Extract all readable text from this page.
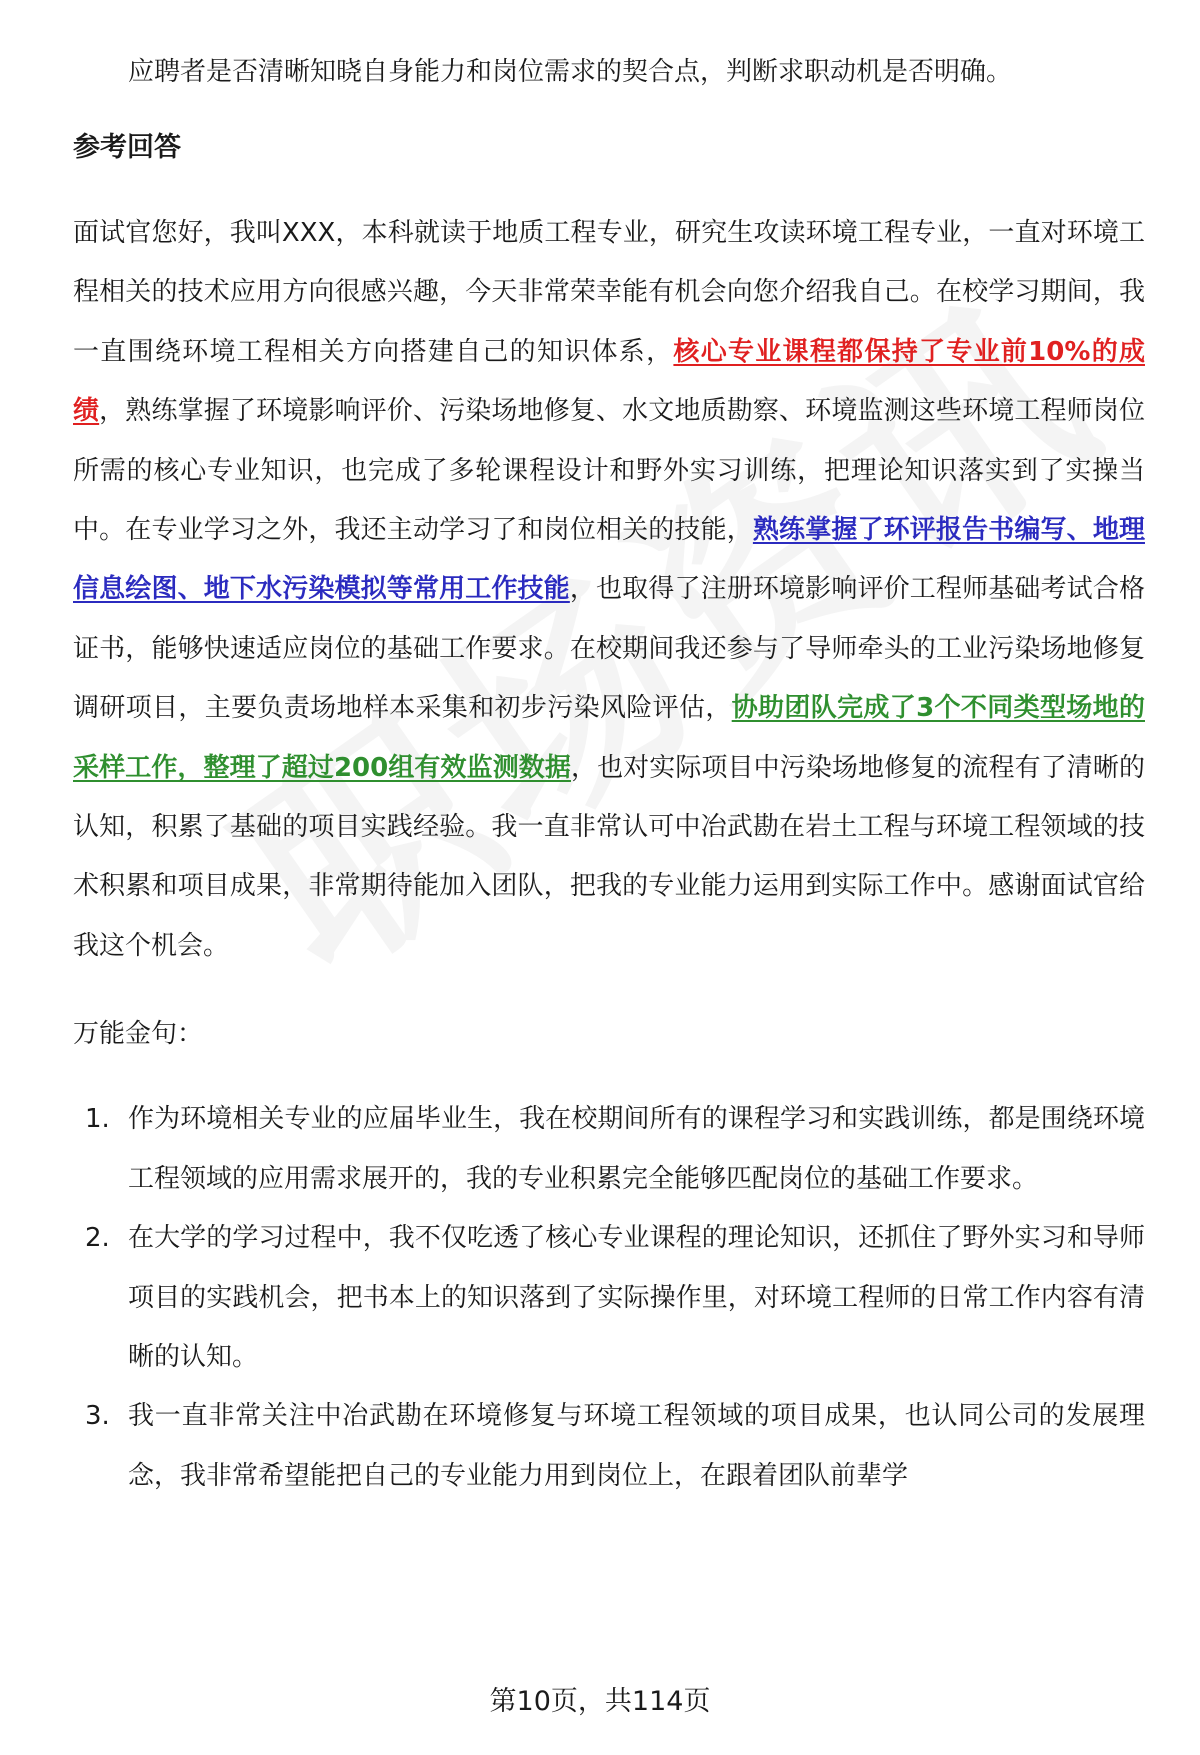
应聘者是否清晰知晓自身能力和岗位需求的契合点，判断求职动机是否明确。

参考回答

面试官您好，我叫XXX，本科就读于地质工程专业，研究生攻读环境工程专业，一直对环境工程相关的技术应用方向很感兴趣，今天非常荣幸能有机会向您介绍我自己。在校学习期间，我一直围绕环境工程相关方向搭建自己的知识体系，核心专业课程都保持了专业前10%的成绩，熟练掌握了环境影响评价、污染场地修复、水文地质勘察、环境监测这些环境工程师岗位所需的核心专业知识，也完成了多轮课程设计和野外实习训练，把理论知识落实到了实操当中。在专业学习之外，我还主动学习了和岗位相关的技能，熟练掌握了环评报告书编写、地理信息绘图、地下水污染模拟等常用工作技能，也取得了注册环境影响评价工程师基础考试合格证书，能够快速适应岗位的基础工作要求。在校期间我还参与了导师牵头的工业污染场地修复调研项目，主要负责场地样本采集和初步污染风险评估，协助团队完成了3个不同类型场地的采样工作，整理了超过200组有效监测数据，也对实际项目中污染场地修复的流程有了清晰的认知，积累了基础的项目实践经验。我一直非常认可中冶武勘在岩土工程与环境工程领域的技术积累和项目成果，非常期待能加入团队，把我的专业能力运用到实际工作中。感谢面试官给我这个机会。

万能金句：

1. 作为环境相关专业的应届毕业生，我在校期间所有的课程学习和实践训练，都是围绕环境工程领域的应用需求展开的，我的专业积累完全能够匹配岗位的基础工作要求。
2. 在大学的学习过程中，我不仅吃透了核心专业课程的理论知识，还抓住了野外实习和导师项目的实践机会，把书本上的知识落到了实际操作里，对环境工程师的日常工作内容有清晰的认知。
3. 我一直非常关注中冶武勘在环境修复与环境工程领域的项目成果，也认同公司的发展理念，我非常希望能把自己的专业能力用到岗位上，在跟着团队前辈学
第10页，共114页
